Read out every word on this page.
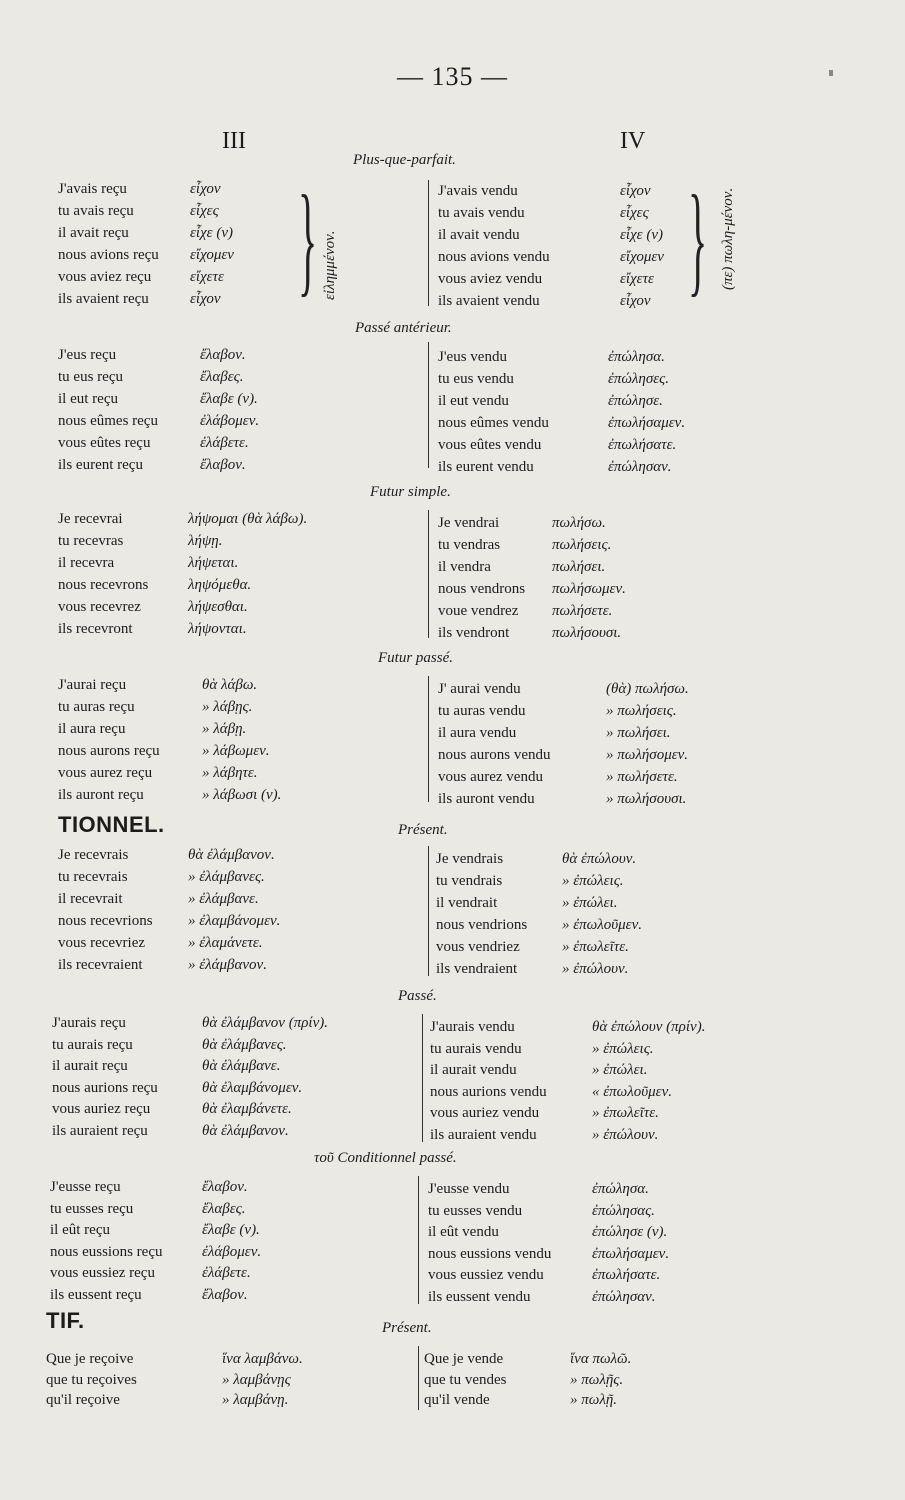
— 135 —
III	IV
Plus-que-parfait.
Passé antérieur.
Futur simple.
Futur passé.
Présent.
Passé.
τοῦ Conditionnel passé.
Présent.
TIONNEL.
TIF.
} εἰλημμένον.	} (πε) πωλη-μένον.
J'avais reçu	εἶχον
tu avais reçu	εἶχες
il avait reçu	εἶχε (ν)
nous avions reçu εἴχομεν
vous aviez reçu	εἴχετε
ils avaient reçu	εἶχον
J'eus reçu	ἔλαβον.
tu eus reçu	ἔλαβες.
il eut reçu	ἔλαβε (ν).
nous eûmes reçu	ἐλάβομεν.
vous eûtes reçu	ἐλάβετε.
ils eurent reçu	ἔλαβον.
Je recevrai	λήψομαι (θὰ λάβω).
tu recevras	λήψῃ.
il recevra	λήψεται.
nous recevrons	ληψόμεθα.
vous recevrez	λήψεσθαι.
ils recevront	λήψονται.
J'aurai reçu	θὰ λάβω.
tu auras reçu	» λάβῃς.
il aura reçu	» λάβῃ.
nous aurons reçu	» λάβωμεν.
vous aurez reçu	» λάβητε.
ils auront reçu	» λάβωσι (ν).
Je recevrais	θὰ ἐλάμβανον.
tu recevrais	» ἐλάμβανες.
il recevrait	» ἐλάμβανε.
nous recevrions » ἐλαμβάνομεν.
vous recevriez	» ἐλαμάνετε.
ils recevraient	» ἐλάμβανον.
J'aurais reçu	θὰ ἐλάμβανον (πρίν).
tu aurais reçu	θὰ ἐλάμβανες.
il aurait reçu	θὰ ἐλάμβανε.
nous aurions reçu	θὰ ἐλαμβάνομεν.
vous auriez reçu	θὰ ἐλαμβάνετε.
ils auraient reçu	θὰ ἐλάμβανον.
J'eusse reçu	ἔλαβον.
tu eusses reçu	ἔλαβες.
il eût reçu	ἔλαβε (ν).
nous eussions reçu	ἐλάβομεν.
vous eussiez reçu	ἐλάβετε.
ils eussent reçu	ἔλαβον.
Que je reçoive	ἵνα λαμβάνω.
que tu reçoives	» λαμβάνῃς
qu'il reçoive	» λαμβάνῃ.
J'avais vendu	εἶχον
tu avais vendu	εἶχες
il avait vendu	εἶχε (ν)
nous avions vendu	εἴχομεν
vous aviez vendu	εἴχετε
ils avaient vendu	εἶχον
J'eus vendu	ἐπώλησα.
tu eus vendu	ἐπώλησες.
il eut vendu	ἐπώλησε.
nous eûmes vendu	ἐπωλήσαμεν.
vous eûtes vendu	ἐπωλήσατε.
ils eurent vendu	ἐπώλησαν.
Je vendrai	πωλήσω.
tu vendras	πωλήσεις.
il vendra	πωλήσει.
nous vendrons πωλήσωμεν.
voue vendrez πωλήσετε.
ils vendront	πωλήσουσι.
J' aurai vendu	(θὰ) πωλήσω.
tu auras vendu	» πωλήσεις.
il aura vendu	» πωλήσει.
nous aurons vendu	» πωλήσομεν.
vous aurez vendu	» πωλήσετε.
ils auront vendu	» πωλήσουσι.
Je vendrais	θὰ ἐπώλουν.
tu vendrais	» ἐπώλεις.
il vendrait	» ἐπώλει.
nous vendrions » ἐπωλοῦμεν.
vous vendriez	» ἐπωλεῖτε.
ils vendraient	» ἐπώλουν.
J'aurais vendu	θὰ ἐπώλουν (πρίν).
tu aurais vendu	» ἐπώλεις.
il aurait vendu	» ἐπώλει.
nous aurions vendu	« ἐπωλοῦμεν.
vous auriez vendu	» ἐπωλεῖτε.
ils auraient vendu	» ἐπώλουν.
J'eusse vendu	ἐπώλησα.
tu eusses vendu	ἐπώλησας.
il eût vendu	ἐπώλησε (ν).
nous eussions vendu	ἐπωλήσαμεν.
vous eussiez vendu	ἐπωλήσατε.
ils eussent vendu	ἐπώλησαν.
Que je vende	ἵνα πωλῶ.
que tu vendes	» πωλῇς.
qu'il vende	» πωλῇ.
